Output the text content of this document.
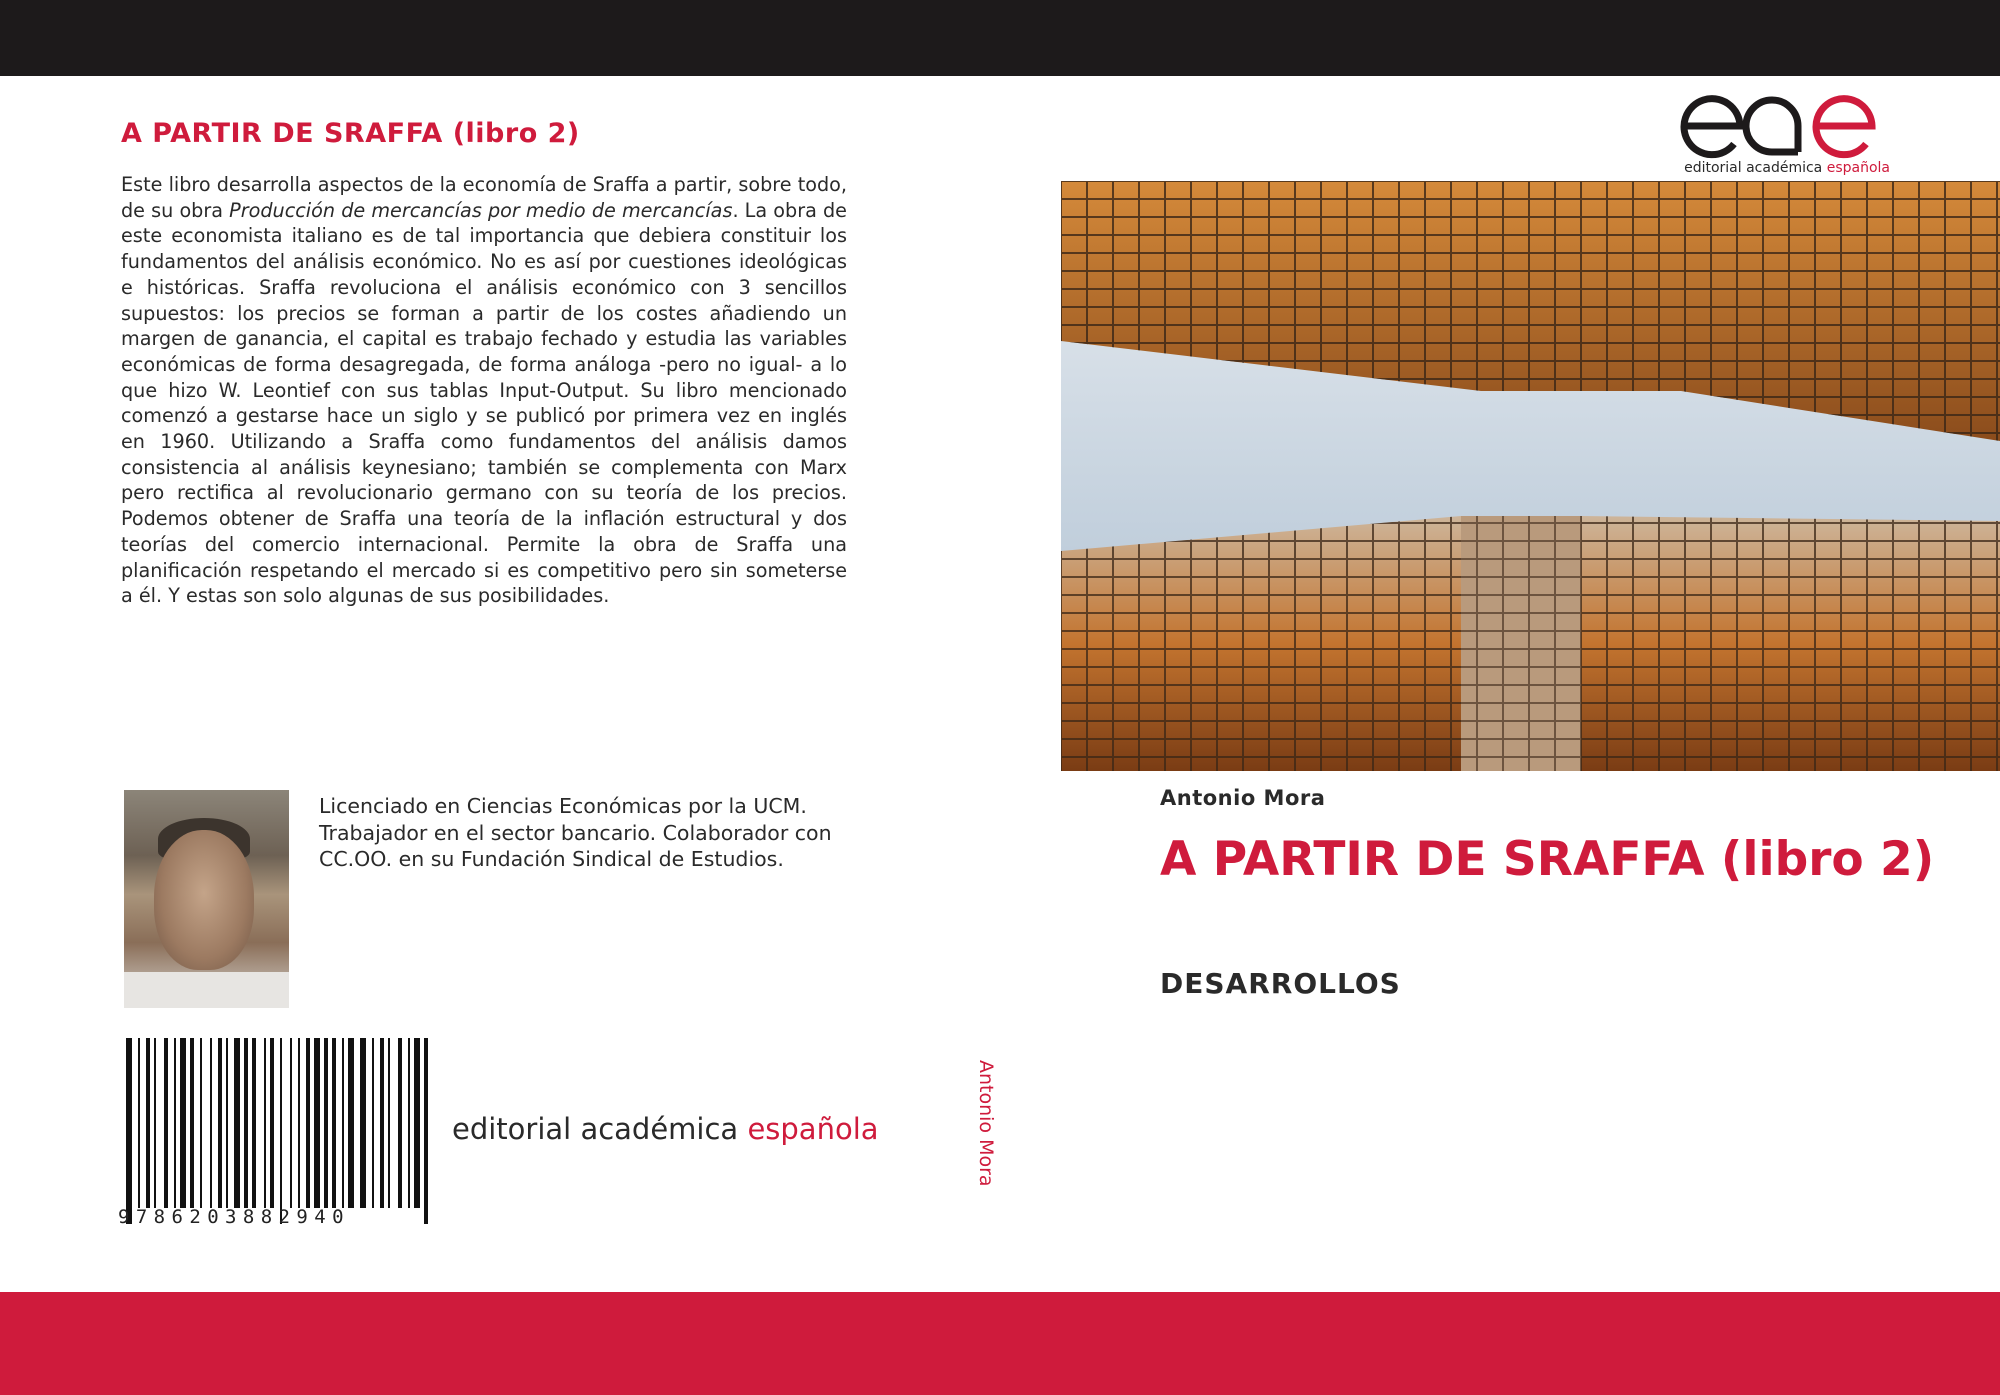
A PARTIR DE SRAFFA (libro 2)
Este libro desarrolla aspectos de la economía de Sraffa a partir, sobre todo, de su obra Producción de mercancías por medio de mercancías. La obra de este economista italiano es de tal importancia que debiera constituir los fundamentos del análisis económico. No es así por cuestiones ideológicas e históricas. Sraffa revoluciona el análisis económico con 3 sencillos supuestos: los precios se forman a partir de los costes añadiendo un margen de ganancia, el capital es trabajo fechado y estudia las variables económicas de forma desagregada, de forma análoga -pero no igual- a lo que hizo W. Leontief con sus tablas Input-Output. Su libro mencionado comenzó a gestarse hace un siglo y se publicó por primera vez en inglés en 1960. Utilizando a Sraffa como fundamentos del análisis damos consistencia al análisis keynesiano; también se complementa con Marx pero rectifica al revolucionario germano con su teoría de los precios. Podemos obtener de Sraffa una teoría de la inflación estructural y dos teorías del comercio internacional. Permite la obra de Sraffa una planificación respetando el mercado si es competitivo pero sin someterse a él. Y estas son solo algunas de sus posibilidades.
Licenciado en Ciencias Económicas por la UCM. Trabajador en el sector bancario. Colaborador con CC.OO. en su Fundación Sindical de Estudios.
9786203882940
editorial académica española	Antonio Mora
editorial académica española
Antonio Mora
A PARTIR DE SRAFFA (libro 2)
DESARROLLOS
